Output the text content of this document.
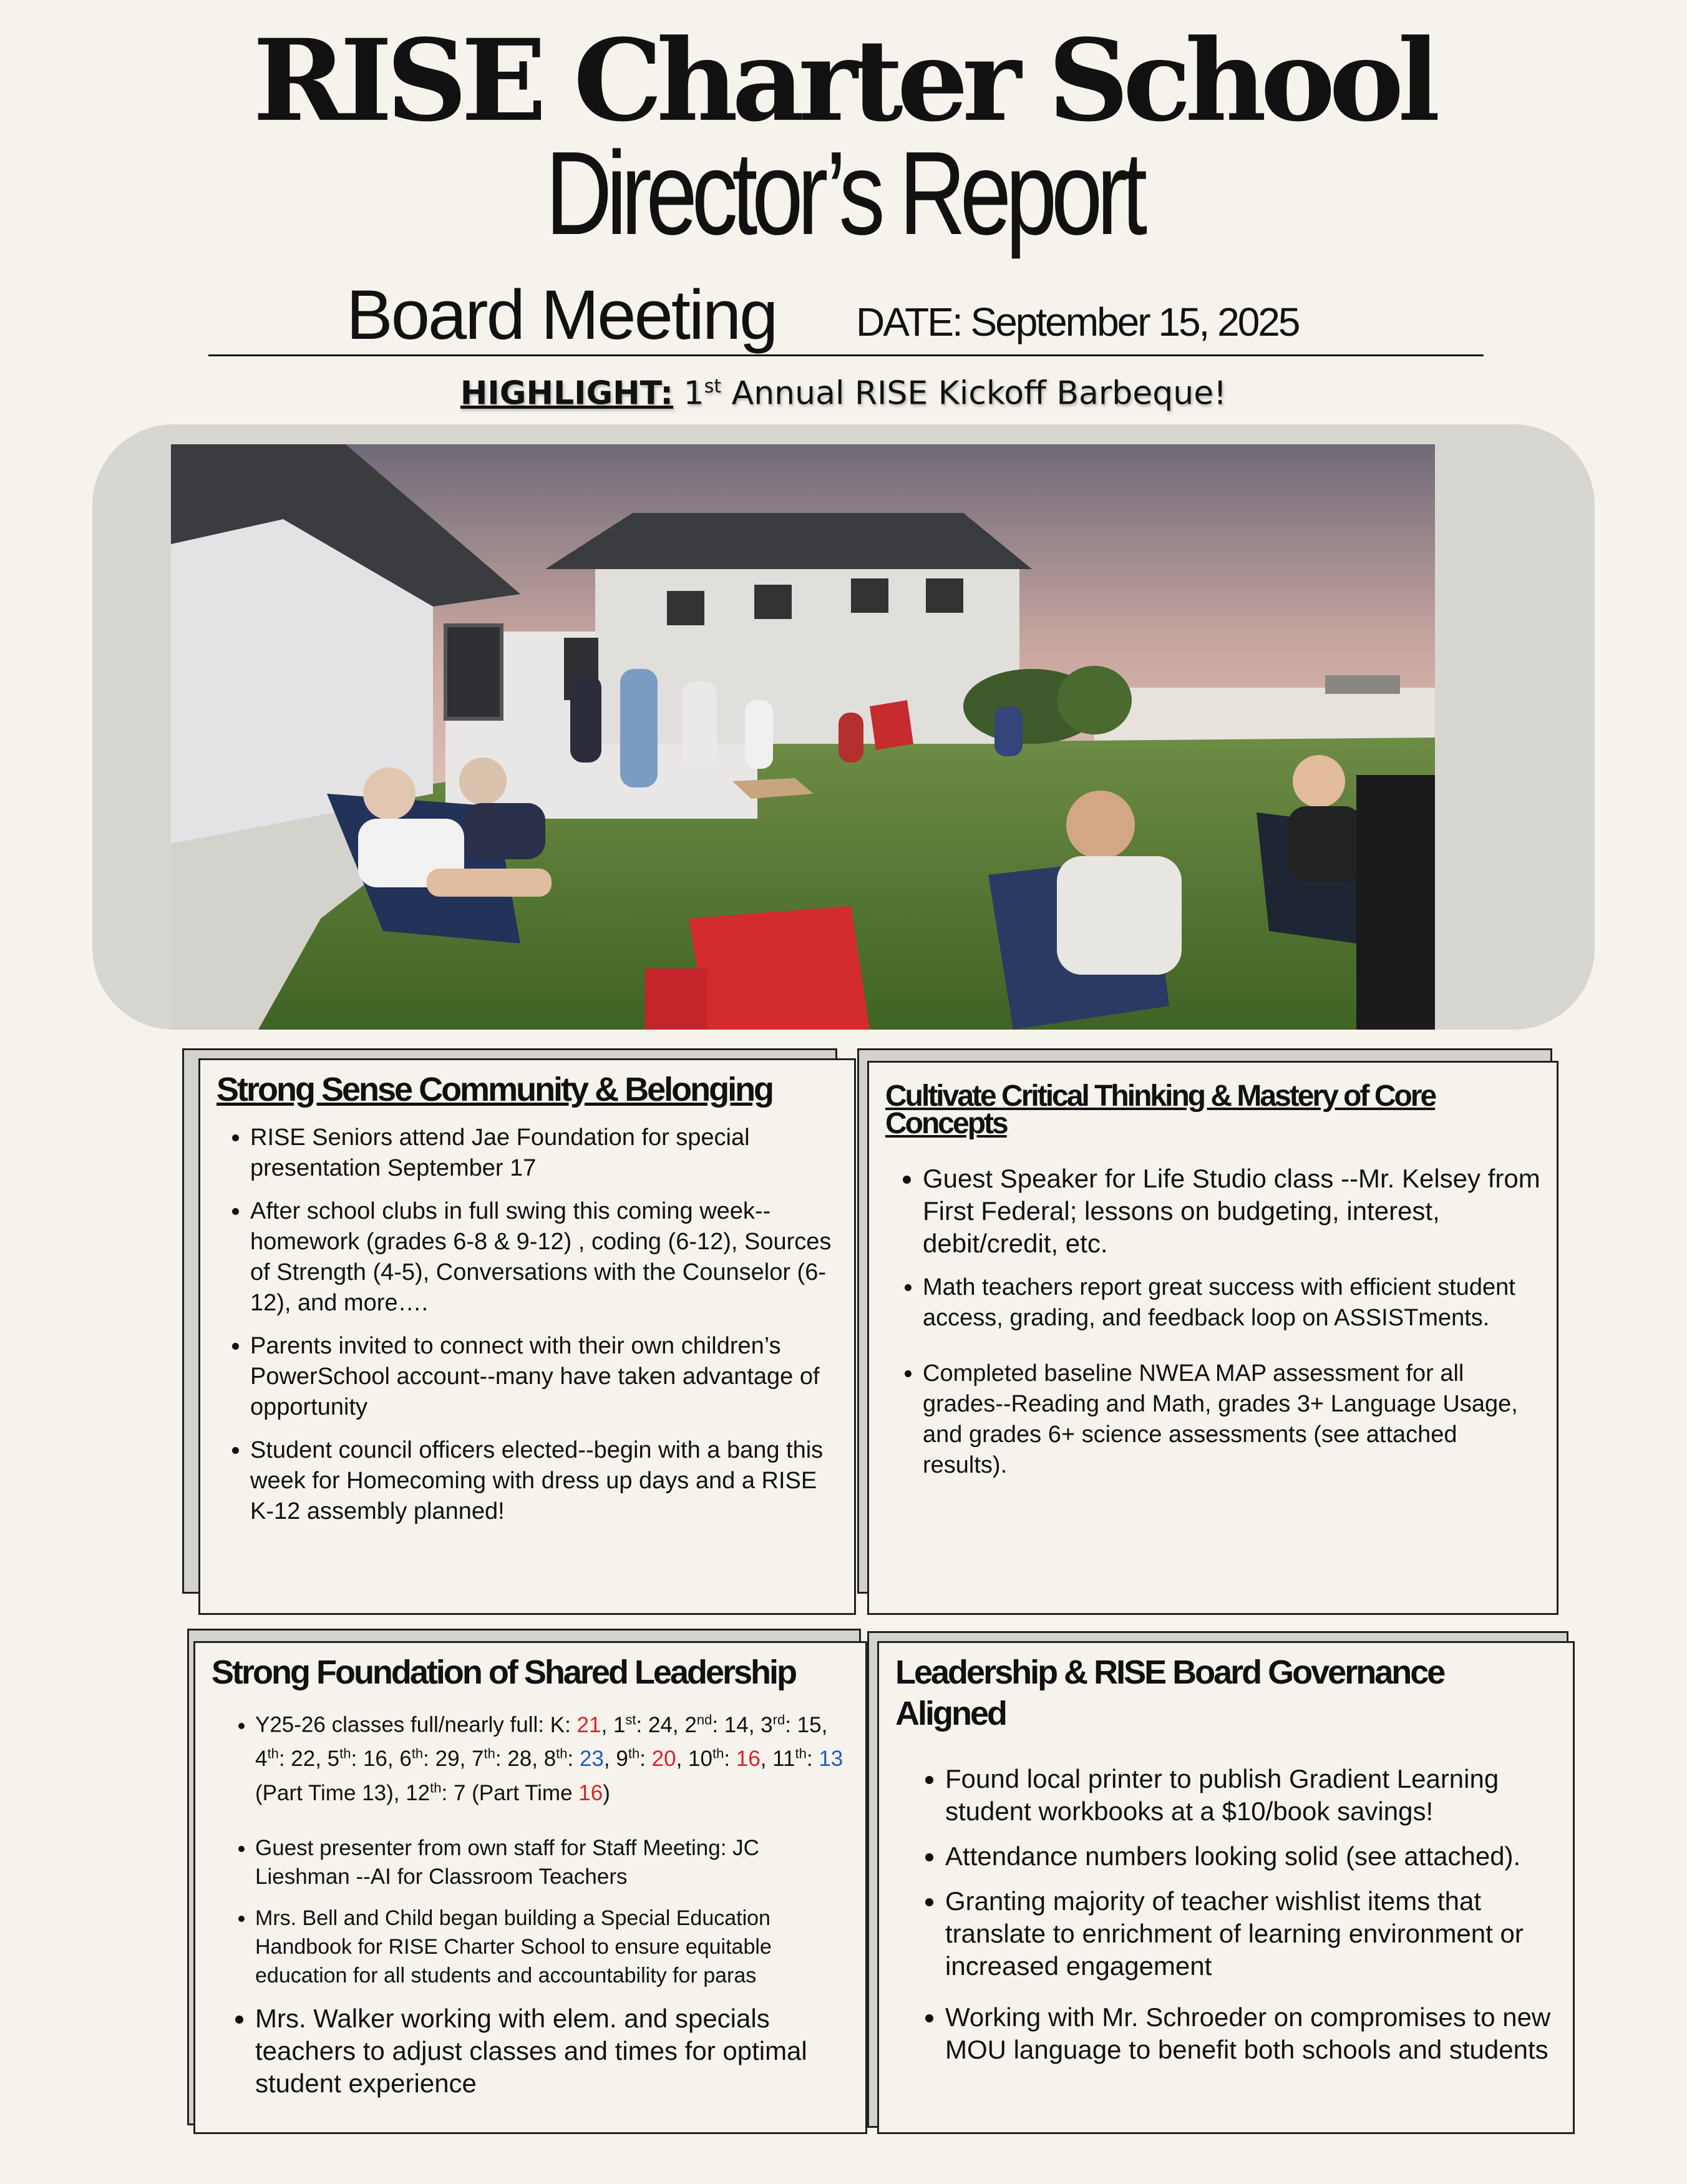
RISE Charter School
Director’s Report
Board Meeting DATE: September 15, 2025
HIGHLIGHT: 1st Annual RISE Kickoff Barbeque!
Strong Sense Community & Belonging
• RISE Seniors attend Jae Foundation for special presentation September 17
• After school clubs in full swing this coming week--homework (grades 6-8 & 9-12) , coding (6-12), Sources of Strength (4-5), Conversations with the Counselor (6-12), and more….
• Parents invited to connect with their own children’s PowerSchool account--many have taken advantage of opportunity
• Student council officers elected--begin with a bang this week for Homecoming with dress up days and a RISE K-12 assembly planned!
Cultivate Critical Thinking & Mastery of Core Concepts
• Guest Speaker for Life Studio class --Mr. Kelsey from First Federal; lessons on budgeting, interest, debit/credit, etc.
• Math teachers report great success with efficient student access, grading, and feedback loop on ASSISTments.
• Completed baseline NWEA MAP assessment for all grades--Reading and Math, grades 3+ Language Usage, and grades 6+ science assessments (see attached results).
Strong Foundation of Shared Leadership
• Y25-26 classes full/nearly full: K: 21, 1st: 24, 2nd: 14, 3rd: 15, 4th: 22, 5th: 16, 6th: 29, 7th: 28, 8th: 23, 9th: 20, 10th: 16, 11th: 13 (Part Time 13), 12th: 7 (Part Time 16)
• Guest presenter from own staff for Staff Meeting: JC Lieshman --AI for Classroom Teachers
• Mrs. Bell and Child began building a Special Education Handbook for RISE Charter School to ensure equitable education for all students and accountability for paras
• Mrs. Walker working with elem. and specials teachers to adjust classes and times for optimal student experience
Leadership & RISE Board Governance Aligned
• Found local printer to publish Gradient Learning student workbooks at a $10/book savings!
• Attendance numbers looking solid (see attached).
• Granting majority of teacher wishlist items that translate to enrichment of learning environment or increased engagement
• Working with Mr. Schroeder on compromises to new MOU language to benefit both schools and students
